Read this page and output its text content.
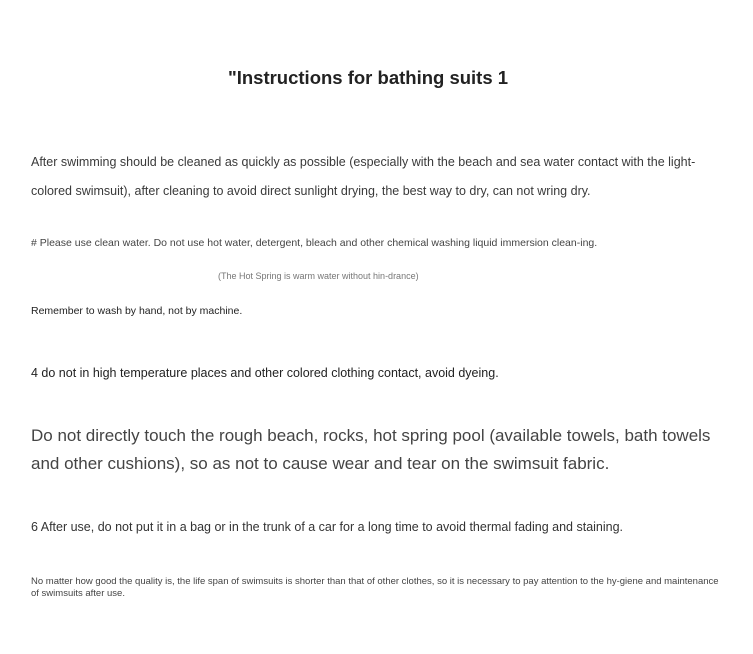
"Instructions for bathing suits 1

After swimming should be cleaned as quickly as possible (especially with the beach and sea water contact with the light-colored swimsuit), after cleaning to avoid direct sunlight drying, the best way to dry, can not wring dry.

# Please use clean water. Do not use hot water, detergent, bleach and other chemical washing liquid immersion clean-ing.

(The Hot Spring is warm water without hin-drance)

Remember to wash by hand, not by machine.

4 do not in high temperature places and other colored clothing contact, avoid dyeing.

Do not directly touch the rough beach, rocks, hot spring pool (available towels, bath towels and other cushions), so as not to cause wear and tear on the swimsuit fabric.

6 After use, do not put it in a bag or in the trunk of a car for a long time to avoid thermal fading and staining.

No matter how good the quality is, the life span of swimsuits is shorter than that of other clothes, so it is necessary to pay attention to the hy-giene and maintenance of swimsuits after use.
